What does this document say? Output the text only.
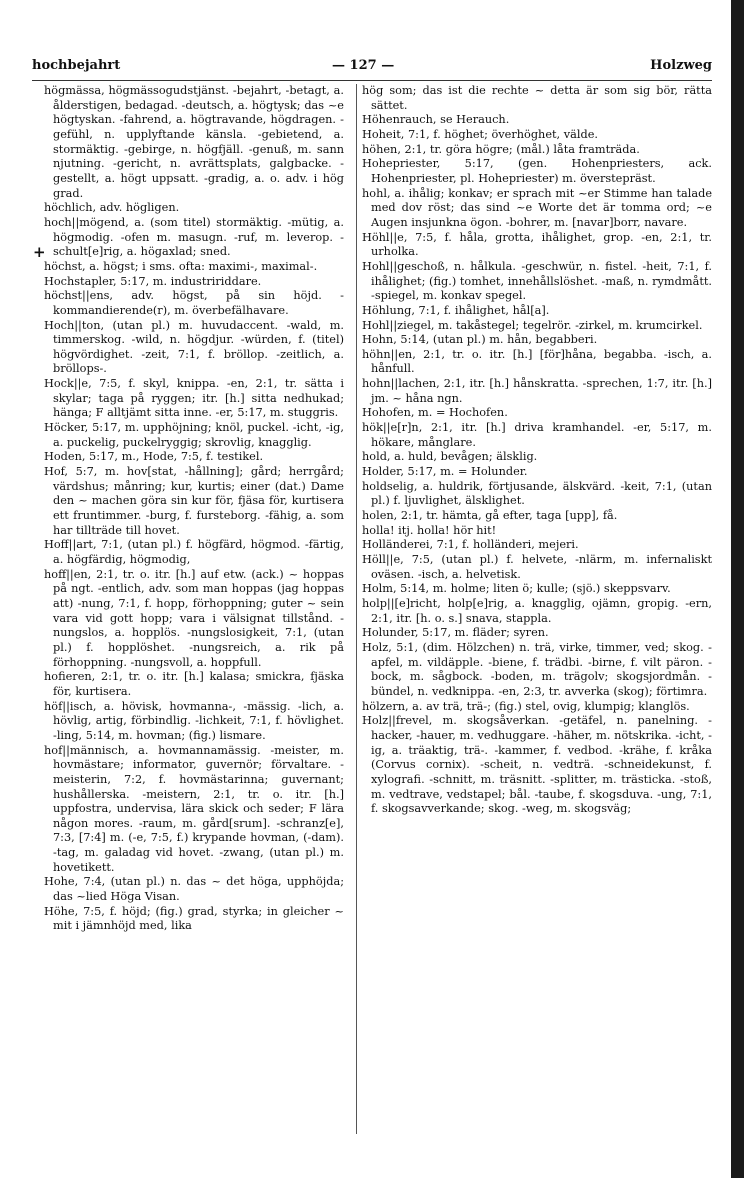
hochbejahrt	— 127 —	Holzweg
+

högmässa, högmässogudstjänst. -bejahrt, -betagt, a. ålderstigen, bedagad. -deutsch, a. högtysk; das ~e högtyskan. -fahrend, a. högtravande, högdragen. -gefühl, n. upplyftande känsla. -gebietend, a. stormäktig. -gebirge, n. högfjäll. -genuß, m. sann njutning. -gericht, n. avrättsplats, galgbacke. -gestellt, a. högt uppsatt. -gradig, a. o. adv. i hög grad.

höchlich, adv. högligen.

hoch||mögend, a. (som titel) stormäktig. -mütig, a. högmodig. -ofen m. masugn. -ruf, m. leverop. -schult[e]rig, a. högaxlad; sned.

höchst, a. högst; i sms. ofta: maximi-, maximal-.

Hochstapler, 5:17, m. industririddare.

höchst||ens, adv. högst, på sin höjd. -kommandierende(r), m. överbefälhavare.

Hoch||ton, (utan pl.) m. huvudaccent. -wald, m. timmerskog. -wild, n. högdjur. -würden, f. (titel) högvördighet. -zeit, 7:1, f. bröllop. -zeitlich, a. bröllops-.

Hock||e, 7:5, f. skyl, knippa. -en, 2:1, tr. sätta i skylar; taga på ryggen; itr. [h.] sitta nedhukad; hänga; F alltjämt sitta inne. -er, 5:17, m. stuggris.

Höcker, 5:17, m. upphöjning; knöl, puckel. -icht, -ig, a. puckelig, puckelryggig; skrovlig, knagglig.

Hoden, 5:17, m., Hode, 7:5, f. testikel.

Hof, 5:7, m. hov[stat, -hållning]; gård; herrgård; värdshus; månring; kur, kurtis; einer (dat.) Dame den ~ machen göra sin kur för, fjäsa för, kurtisera ett fruntimmer. -burg, f. fursteborg. -fähig, a. som har tillträde till hovet.

Hoff||art, 7:1, (utan pl.) f. högfärd, högmod. -färtig, a. högfärdig, högmodig,

hoff||en, 2:1, tr. o. itr. [h.] auf etw. (ack.) ~ hoppas på ngt. -entlich, adv. som man hoppas (jag hoppas att) -nung, 7:1, f. hopp, förhoppning; guter ~ sein vara vid gott hopp; vara i välsignat tillstånd. -nungslos, a. hopplös. -nungslosigkeit, 7:1, (utan pl.) f. hopplöshet. -nungsreich, a. rik på förhoppning. -nungsvoll, a. hoppfull.

hofieren, 2:1, tr. o. itr. [h.] kalasa; smickra, fjäska för, kurtisera.

höf||isch, a. hövisk, hovmanna-, -mässig. -lich, a. hövlig, artig, förbindlig. -lichkeit, 7:1, f. hövlighet. -ling, 5:14, m. hovman; (fig.) lismare.

hof||männisch, a. hovmannamässig. -meister, m. hovmästare; informator, guvernör; förvaltare. -meisterin, 7:2, f. hovmästarinna; guvernant; hushållerska. -meistern, 2:1, tr. o. itr. [h.] uppfostra, undervisa, lära skick och seder; F lära någon mores. -raum, m. gård[srum]. -schranz[e], 7:3, [7:4] m. (-e, 7:5, f.) krypande hovman, (-dam). -tag, m. galadag vid hovet. -zwang, (utan pl.) m. hovetikett.

Hohe, 7:4, (utan pl.) n. das ~ det höga, upphöjda; das ~lied Höga Visan.

Höhe, 7:5, f. höjd; (fig.) grad, styrka; in gleicher ~ mit i jämnhöjd med, lika

hög som; das ist die rechte ~ detta är som sig bör, rätta sättet.

Höhenrauch, se Herauch.

Hoheit, 7:1, f. höghet; överhöghet, välde.

höhen, 2:1, tr. göra högre; (mål.) låta framträda.

Hohepriester, 5:17, (gen. Hohenpriesters, ack. Hohenpriester, pl. Hohepriester) m. överstepräst.

hohl, a. ihålig; konkav; er sprach mit ~er Stimme han talade med dov röst; das sind ~e Worte det är tomma ord; ~e Augen insjunkna ögon. -bohrer, m. [navar]borr, navare.

Höhl||e, 7:5, f. håla, grotta, ihålighet, grop. -en, 2:1, tr. urholka.

Hohl||geschoß, n. hålkula. -geschwür, n. fistel. -heit, 7:1, f. ihålighet; (fig.) tomhet, innehållslöshet. -maß, n. rymdmått. -spiegel, m. konkav spegel.

Höhlung, 7:1, f. ihålighet, hål[a].

Hohl||ziegel, m. takåstegel; tegelrör. -zirkel, m. krumcirkel.

Hohn, 5:14, (utan pl.) m. hån, begabberi.

höhn||en, 2:1, tr. o. itr. [h.] [för]håna, begabba. -isch, a. hånfull.

hohn||lachen, 2:1, itr. [h.] hånskratta. -sprechen, 1:7, itr. [h.] jm. ~ håna ngn.

Hohofen, m. = Hochofen.

hök||e[r]n, 2:1, itr. [h.] driva kramhandel. -er, 5:17, m. hökare, månglare.

hold, a. huld, bevågen; älsklig.

Holder, 5:17, m. = Holunder.

holdselig, a. huldrik, förtjusande, älskvärd. -keit, 7:1, (utan pl.) f. ljuvlighet, älsklighet.

holen, 2:1, tr. hämta, gå efter, taga [upp], få.

holla! itj. holla! hör hit!

Holländerei, 7:1, f. holländeri, mejeri.

Höll||e, 7:5, (utan pl.) f. helvete, -nlärm, m. infernaliskt oväsen. -isch, a. helvetisk.

Holm, 5:14, m. holme; liten ö; kulle; (sjö.) skeppsvarv.

holp||[e]richt, holp[e]rig, a. knagglig, ojämn, gropig. -ern, 2:1, itr. [h. o. s.] snava, stappla.

Holunder, 5:17, m. fläder; syren.

Holz, 5:1, (dim. Hölzchen) n. trä, virke, timmer, ved; skog. -apfel, m. vildäpple. -biene, f. trädbi. -birne, f. vilt päron. -bock, m. sågbock. -boden, m. trägolv; skogsjordmån. -bündel, n. vedknippa. -en, 2:3, tr. avverka (skog); förtimra.

hölzern, a. av trä, trä-; (fig.) stel, ovig, klumpig; klanglös.

Holz||frevel, m. skogsåverkan. -getäfel, n. panelning. -hacker, -hauer, m. vedhuggare. -häher, m. nötskrika. -icht, -ig, a. träaktig, trä-. -kammer, f. vedbod. -krähe, f. kråka (Corvus cornix). -scheit, n. vedträ. -schneidekunst, f. xylografi. -schnitt, m. träsnitt. -splitter, m. trästicka. -stoß, m. vedtrave, vedstapel; bål. -taube, f. skogsduva. -ung, 7:1, f. skogsavverkande; skog. -weg, m. skogsväg;
